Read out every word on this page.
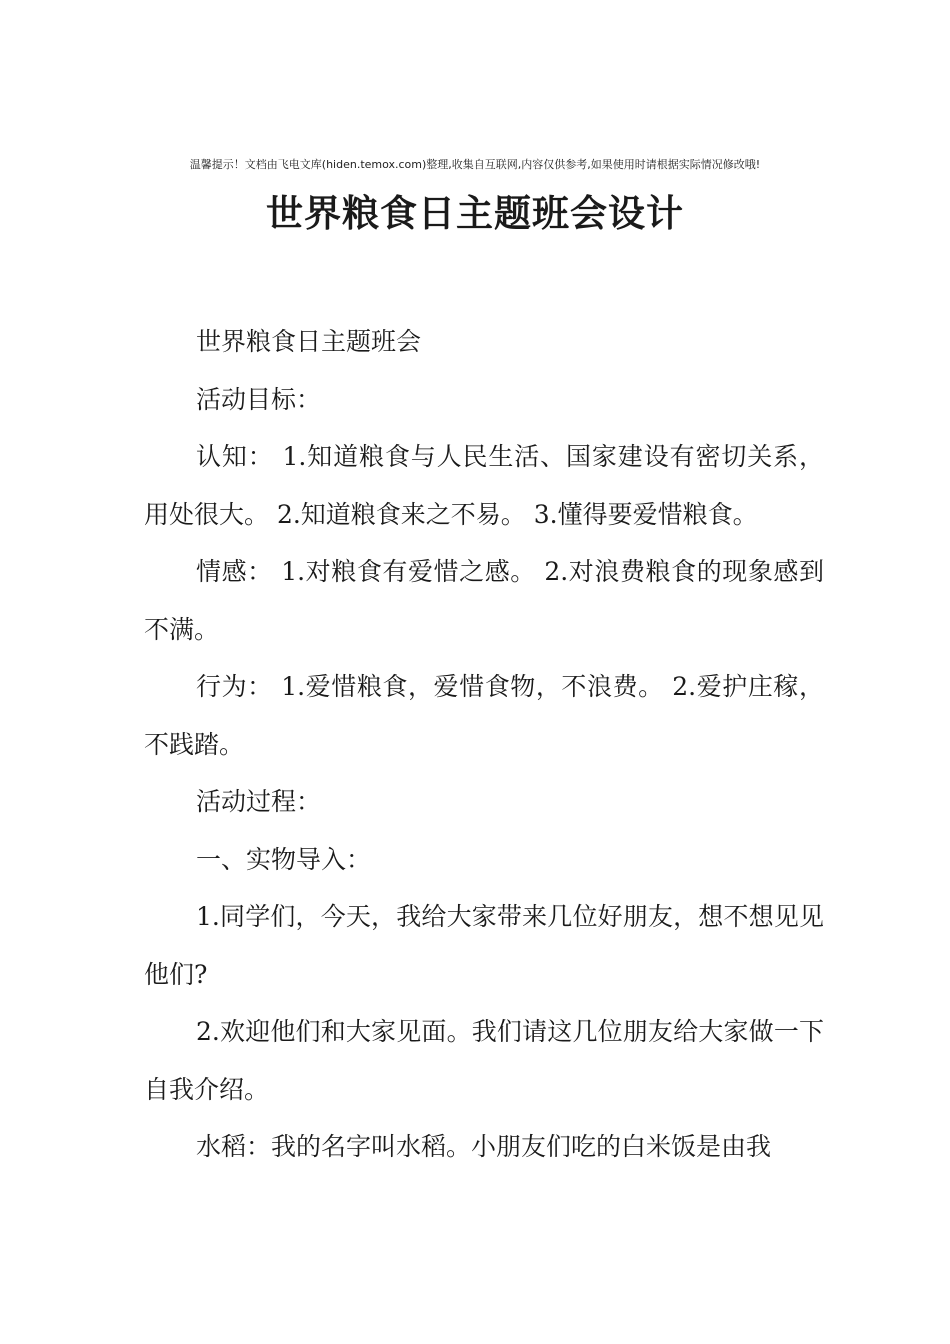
温馨提示！文档由飞电文库(hiden.temox.com)整理,收集自互联网,内容仅供参考,如果使用时请根据实际情况修改哦!
世界粮食日主题班会设计

世界粮食日主题班会

活动目标：

认知： 1.知道粮食与人民生活、国家建设有密切关系，用处很大。 2.知道粮食来之不易。 3.懂得要爱惜粮食。

情感： 1.对粮食有爱惜之感。 2.对浪费粮食的现象感到不满。

行为： 1.爱惜粮食，爱惜食物，不浪费。 2.爱护庄稼，不践踏。

活动过程：

一、实物导入：

1.同学们，今天，我给大家带来几位好朋友，想不想见见他们?

2.欢迎他们和大家见面。我们请这几位朋友给大家做一下自我介绍。

水稻：我的名字叫水稻。小朋友们吃的白米饭是由我
